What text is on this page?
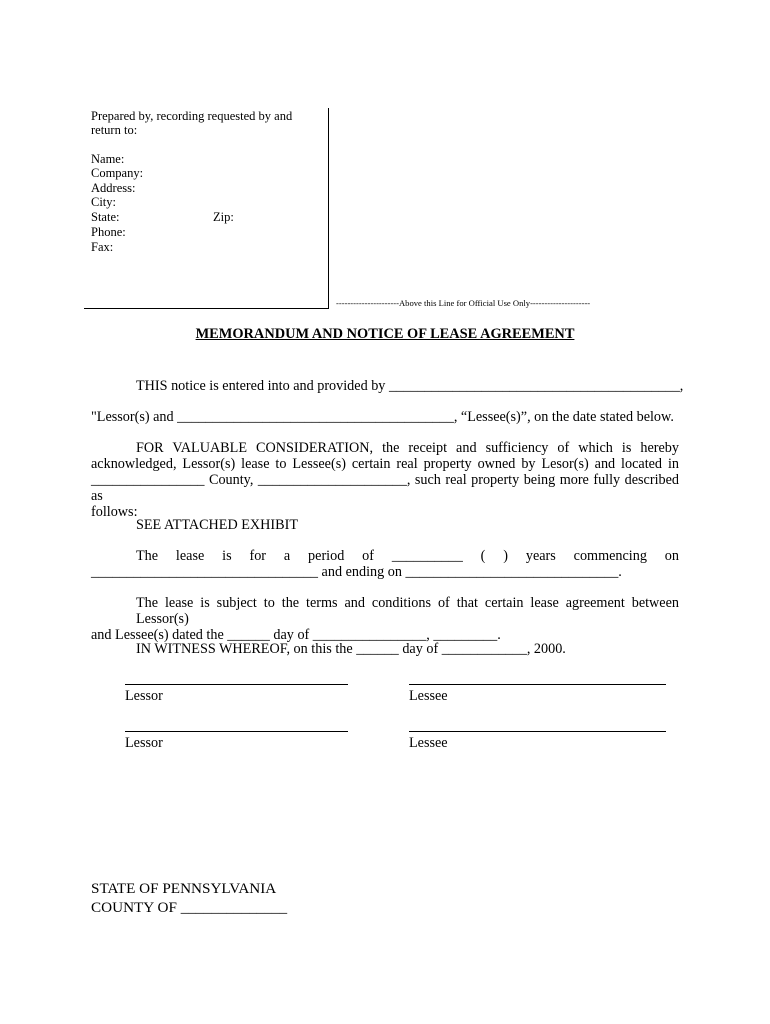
Prepared by, recording requested by and
return to:
Name:
Company:
Address:
City:
State:	Zip:
Phone:
Fax:
----------------------Above this Line for Official Use Only---------------------
MEMORANDUM AND NOTICE OF LEASE AGREEMENT
THIS notice is entered into and provided by _________________________________________,
"Lessor(s) and _______________________________________, “Lessee(s)”, on the date stated below.
FOR VALUABLE CONSIDERATION, the receipt and sufficiency of which is hereby
acknowledged, Lessor(s) lease to Lessee(s) certain real property owned by Lesor(s) and located in
________________ County, _____________________, such real property being more fully described as
follows:
SEE ATTACHED EXHIBIT
The lease is for a period of __________ ( ) years commencing on
________________________________ and ending on ______________________________.
The lease is subject to the terms and conditions of that certain lease agreement between Lessor(s)
and Lessee(s) dated the ______ day of ________________, _________.
IN WITNESS WHEREOF, on this the ______ day of ____________, 2000.
Lessor	Lessee
Lessor	Lessee
STATE OF PENNSYLVANIA
COUNTY OF ______________
